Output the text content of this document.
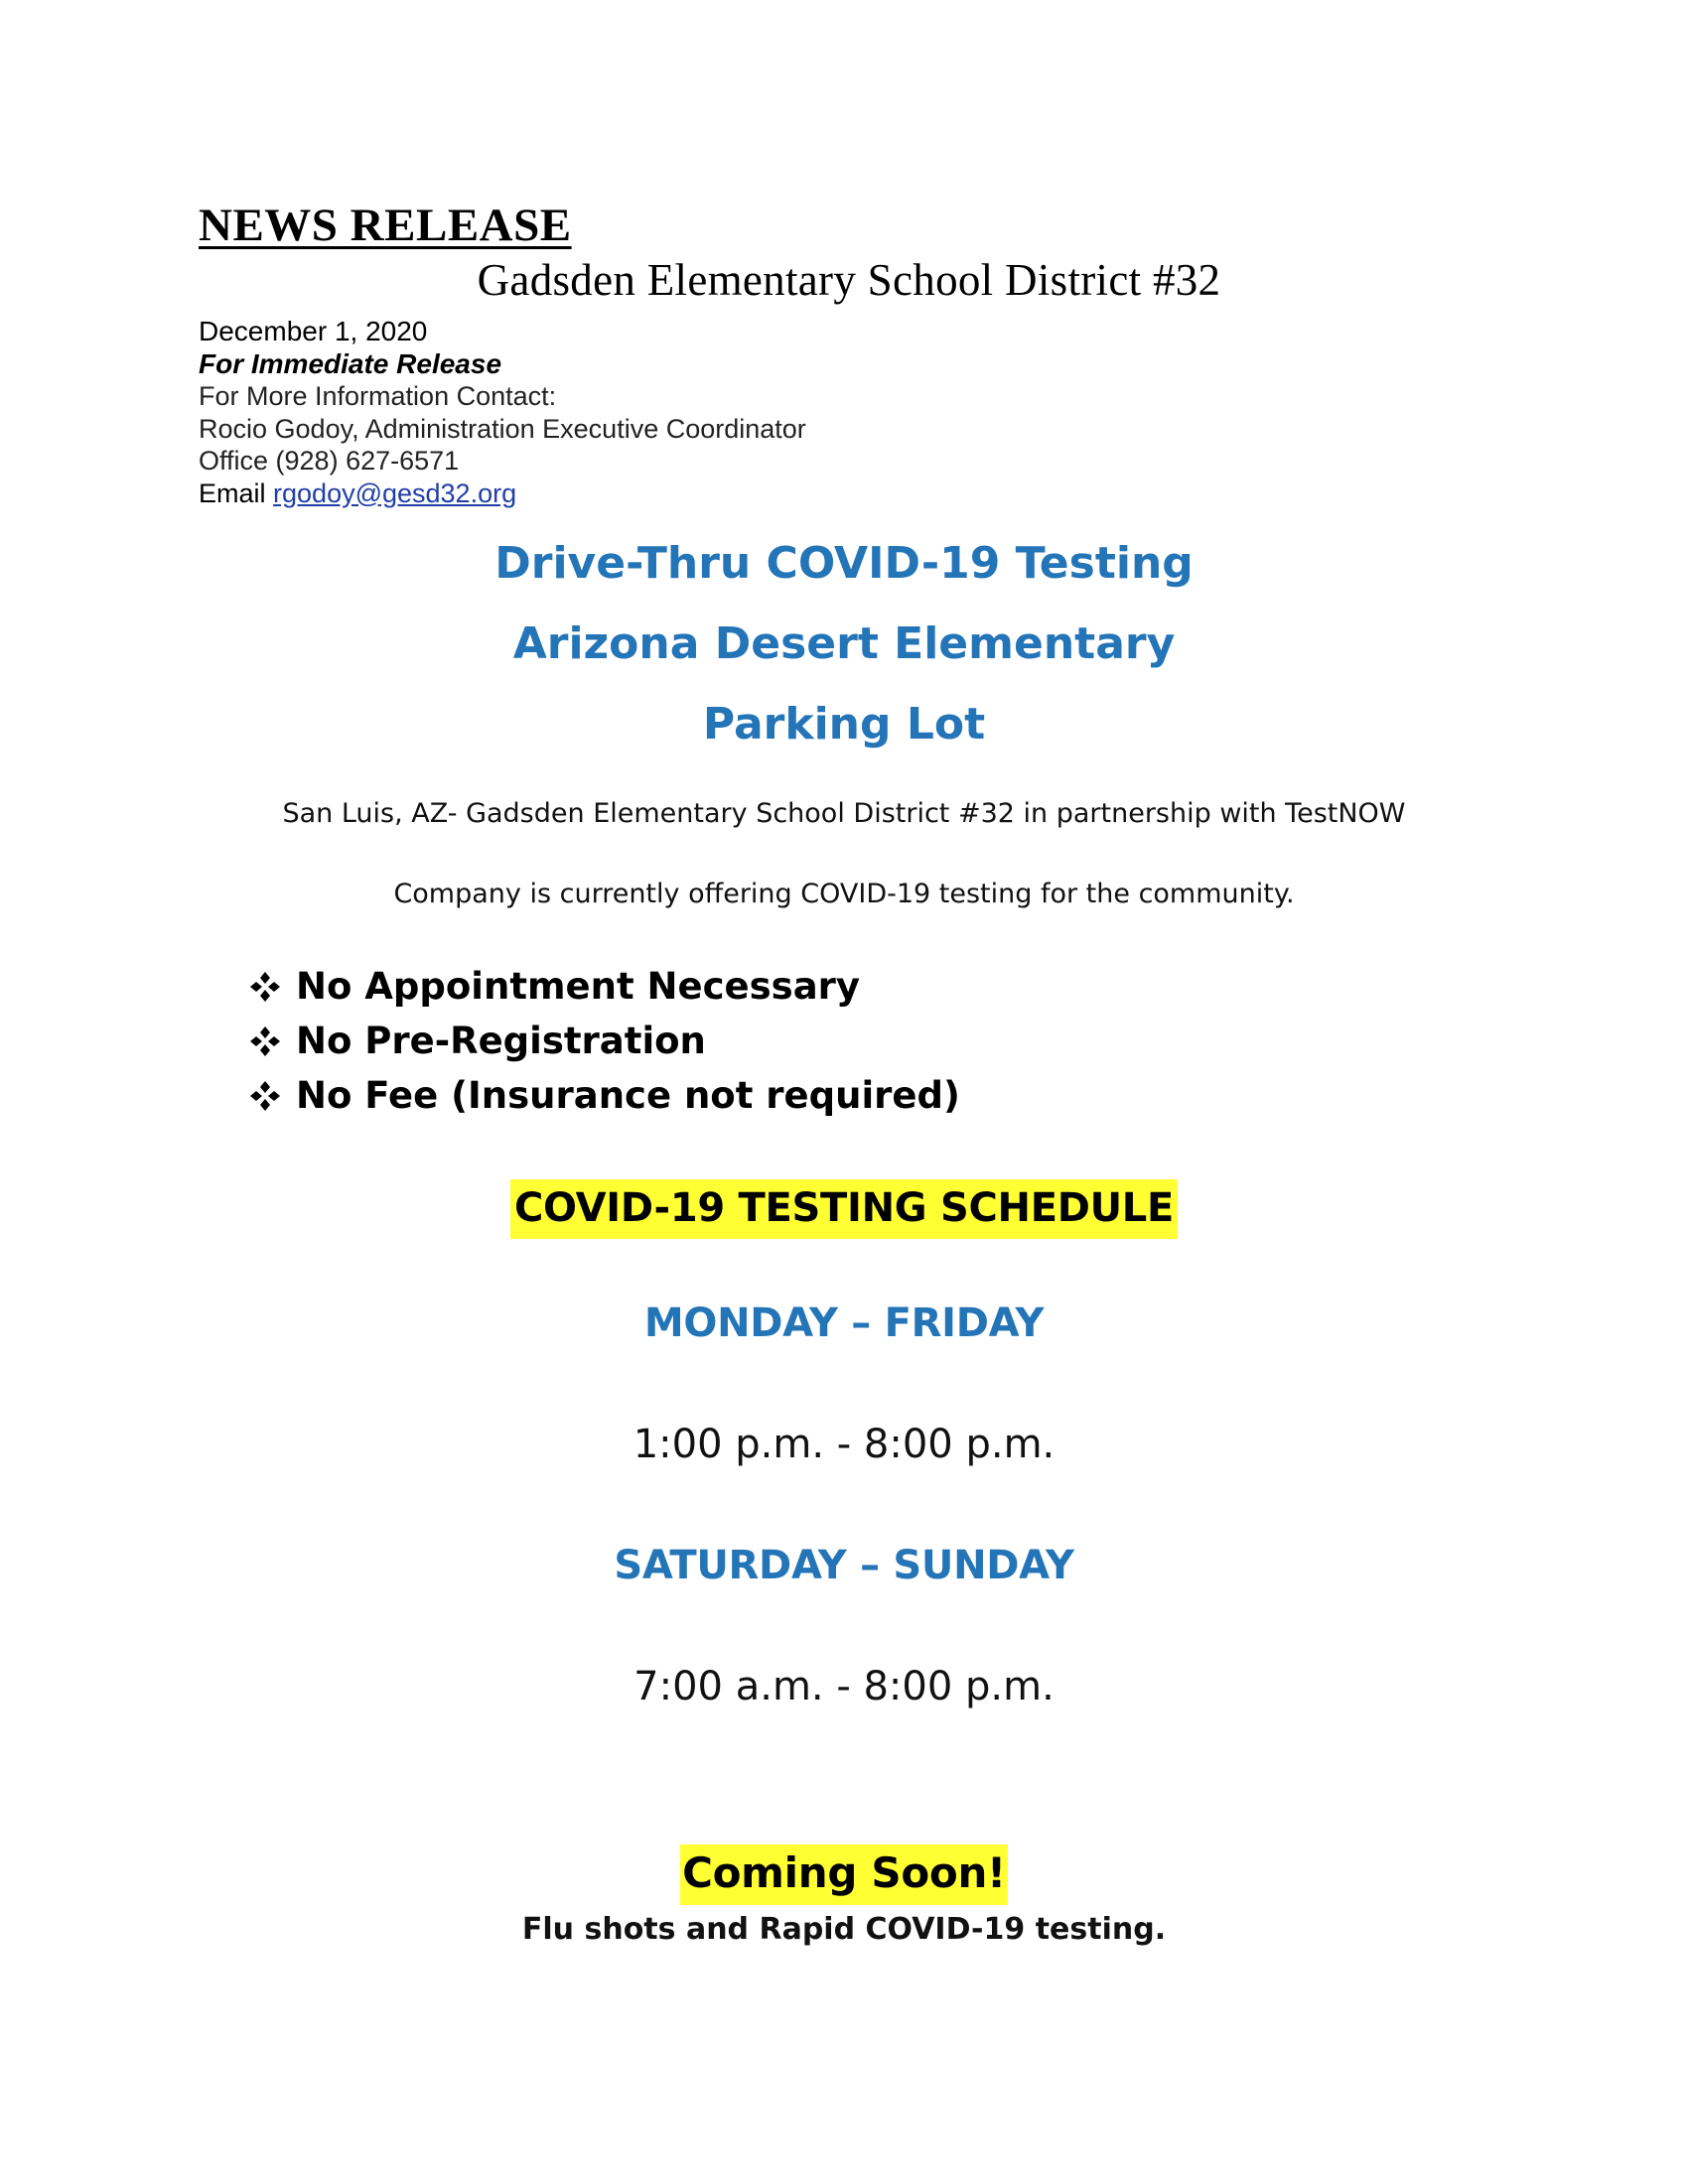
NEWS RELEASE
Gadsden Elementary School District #32
December 1, 2020
For Immediate Release
For More Information Contact:
Rocio Godoy, Administration Executive Coordinator
Office (928) 627-6571
Email rgodoy@gesd32.org
Drive-Thru COVID-19 Testing
Arizona Desert Elementary
Parking Lot
San Luis, AZ- Gadsden Elementary School District #32 in partnership with TestNOW
Company is currently offering COVID-19 testing for the community.
No Appointment Necessary
No Pre-Registration
No Fee (Insurance not required)
COVID-19 TESTING SCHEDULE
MONDAY – FRIDAY
1:00 p.m. - 8:00 p.m.
SATURDAY – SUNDAY
7:00 a.m. - 8:00 p.m.
Coming Soon!
Flu shots and Rapid COVID-19 testing.
